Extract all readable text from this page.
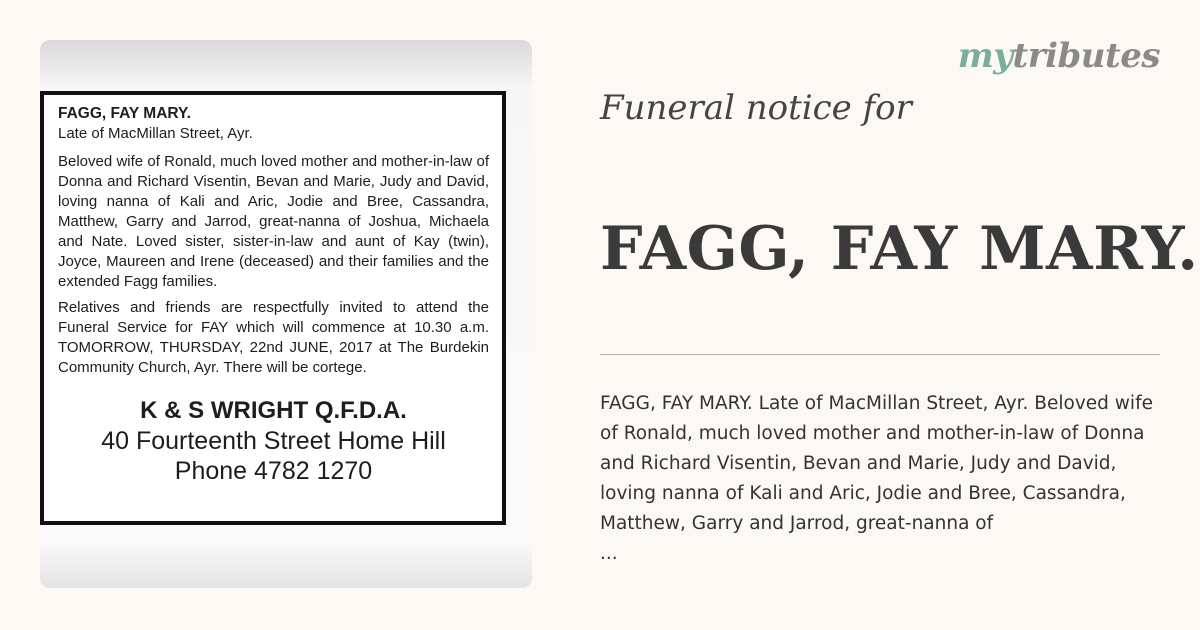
FAGG, FAY MARY.
Late of MacMillan Street, Ayr.
Beloved wife of Ronald, much loved mother and mother-in-law of Donna and Richard Visentin, Bevan and Marie, Judy and David, loving nanna of Kali and Aric, Jodie and Bree, Cassandra, Matthew, Garry and Jarrod, great-nanna of Joshua, Michaela and Nate. Loved sister, sister-in-law and aunt of Kay (twin), Joyce, Maureen and Irene (deceased) and their families and the extended Fagg families.
Relatives and friends are respectfully invited to attend the Funeral Service for FAY which will commence at 10.30 a.m. TOMORROW, THURSDAY, 22nd JUNE, 2017 at The Burdekin Community Church, Ayr. There will be cortege.
K & S WRIGHT Q.F.D.A.
40 Fourteenth Street Home Hill
Phone 4782 1270
mytributes
Funeral notice for
FAGG, FAY MARY.
FAGG, FAY MARY. Late of MacMillan Street, Ayr. Beloved wife of Ronald, much loved mother and mother-in-law of Donna and Richard Visentin, Bevan and Marie, Judy and David, loving nanna of Kali and Aric, Jodie and Bree, Cassandra, Matthew, Garry and Jarrod, great-nanna of
...
